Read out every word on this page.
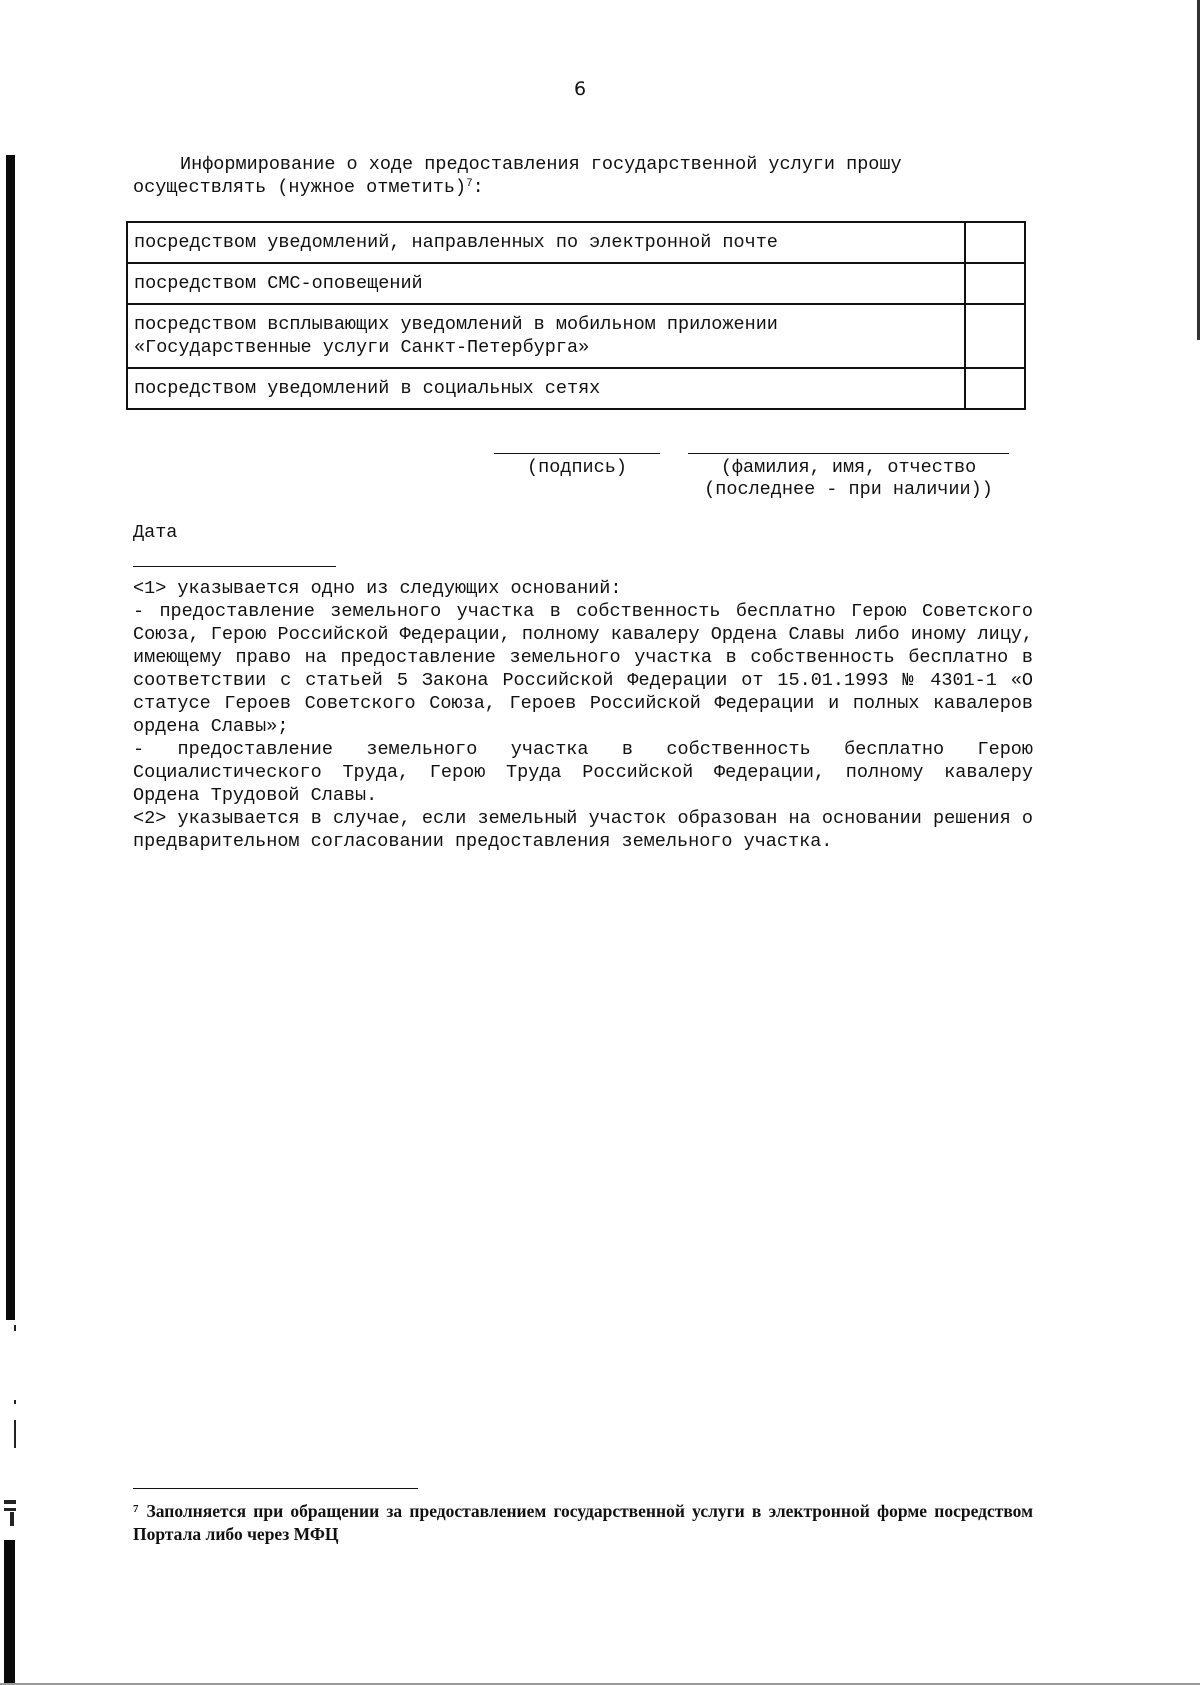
6
Информирование о ходе предоставления государственной услуги прошу осуществлять (нужное отметить)$^7$:
посредством уведомлений, направленных по электронной почте	
посредством СМС-оповещений	
посредством всплывающих уведомлений в мобильном приложении «Государственные услуги Санкт-Петербурга»	
посредством уведомлений в социальных сетях	
(подпись)	(фамилия, имя, отчество
(последнее - при наличии))
Дата

<1> указывается одно из следующих оснований:

- предоставление земельного участка в собственность бесплатно Герою Советского Союза, Герою Российской Федерации, полному кавалеру Ордена Славы либо иному лицу, имеющему право на предоставление земельного участка в собственность бесплатно в соответствии с статьей 5 Закона Российской Федерации от 15.01.1993 № 4301-1 «О статусе Героев Советского Союза, Героев Российской Федерации и полных кавалеров ордена Славы»;

- предоставление земельного участка в собственность бесплатно Герою Социалистического Труда, Герою Труда Российской Федерации, полному кавалеру Ордена Трудовой Славы.

<2> указывается в случае, если земельный участок образован на основании решения о предварительном согласовании предоставления земельного участка.

$^7$ Заполняется при обращении за предоставлением государственной услуги в электронной форме посредством Портала либо через МФЦ
